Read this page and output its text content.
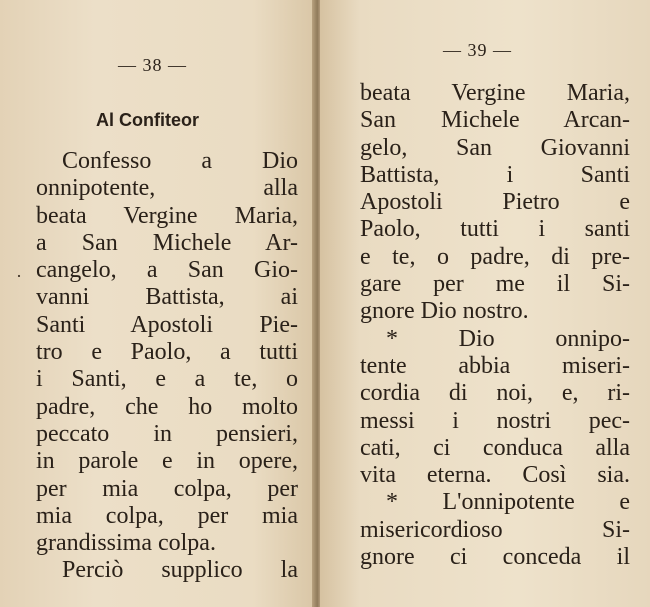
— 38 —
Al Confiteor
·
Confesso a Dio
onnipotente, alla
beata Vergine Maria,
a San Michele Ar-
cangelo, a San Gio-
vanni Battista, ai
Santi Apostoli Pie-
tro e Paolo, a tutti
i Santi, e a te, o
padre, che ho molto
peccato in pensieri,
in parole e in opere,
per mia colpa, per
mia colpa, per mia
grandissima colpa.
Perciò supplico la
— 39 —
beata Vergine Maria,
San Michele Arcan-
gelo, San Giovanni
Battista, i Santi
Apostoli Pietro e
Paolo, tutti i santi
e te, o padre, di pre-
gare per me il Si-
gnore Dio nostro.
* Dio onnipo-
tente abbia miseri-
cordia di noi, e, ri-
messi i nostri pec-
cati, ci conduca alla
vita eterna. Così sia.
* L'onnipotente e
misericordioso Si-
gnore ci conceda il
